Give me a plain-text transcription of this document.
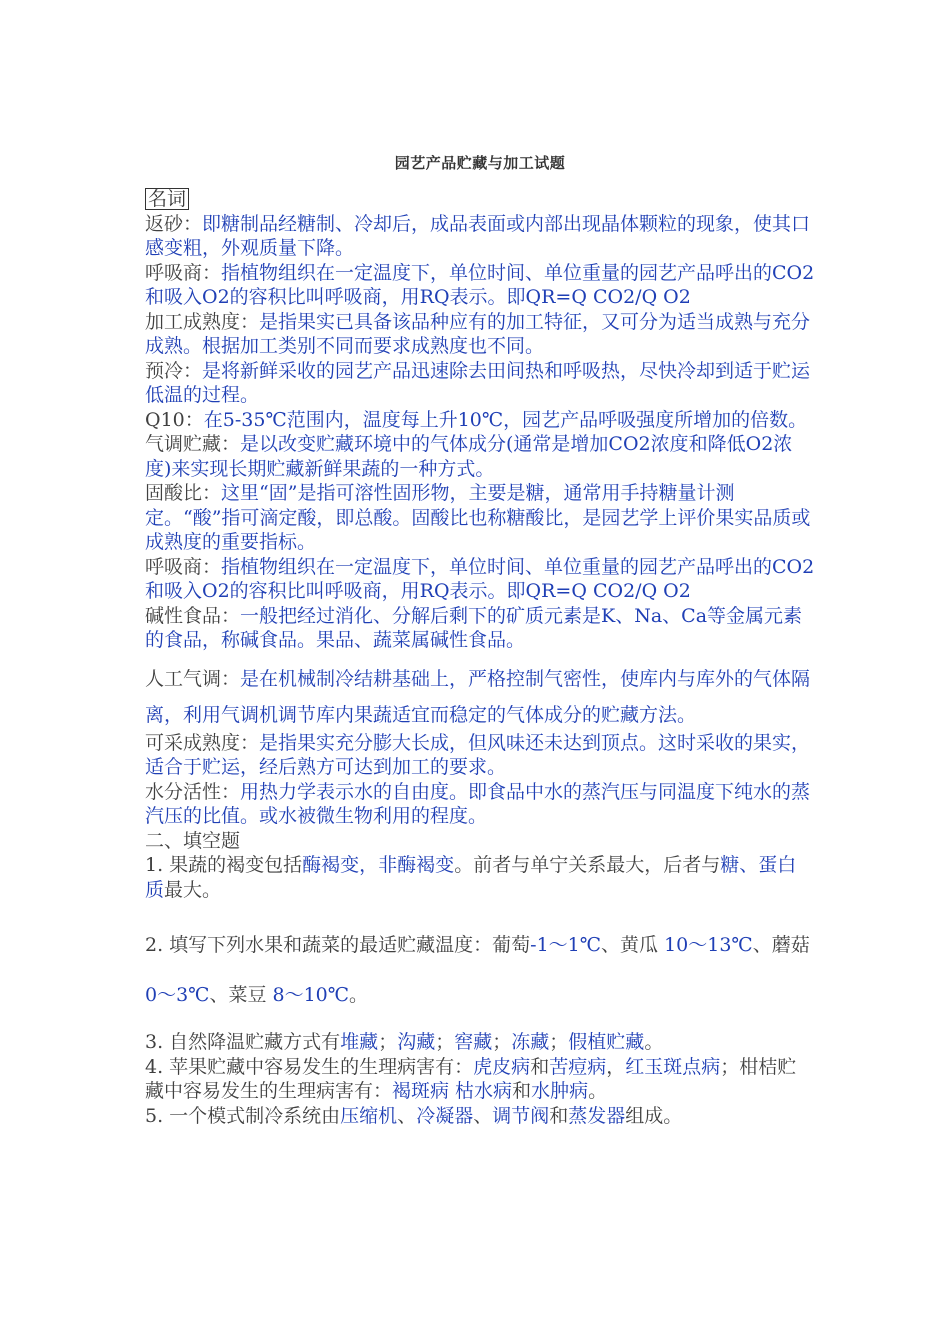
园艺产品贮藏与加工试题
名词

返砂：即糖制品经糖制、冷却后，成品表面或内部出现晶体颗粒的现象，使其口感变粗，外观质量下降。

呼吸商：指植物组织在一定温度下，单位时间、单位重量的园艺产品呼出的CO2和吸入O2的容积比叫呼吸商，用RQ表示。即QR=Q CO2/Q O2

加工成熟度：是指果实已具备该品种应有的加工特征，又可分为适当成熟与充分成熟。根据加工类别不同而要求成熟度也不同。

预冷：是将新鲜采收的园艺产品迅速除去田间热和呼吸热，尽快冷却到适于贮运低温的过程。

Q10：在5-35℃范围内，温度每上升10℃，园艺产品呼吸强度所增加的倍数。

气调贮藏：是以改变贮藏环境中的气体成分(通常是增加CO2浓度和降低O2浓度)来实现长期贮藏新鲜果蔬的一种方式。

固酸比：这里“固”是指可溶性固形物，主要是糖，通常用手持糖量计测定。“酸”指可滴定酸，即总酸。固酸比也称糖酸比，是园艺学上评价果实品质或成熟度的重要指标。

呼吸商：指植物组织在一定温度下，单位时间、单位重量的园艺产品呼出的CO2和吸入O2的容积比叫呼吸商，用RQ表示。即QR=Q CO2/Q O2

碱性食品：一般把经过消化、分解后剩下的矿质元素是K、Na、Ca等金属元素的食品，称碱食品。果品、蔬菜属碱性食品。

人工气调：是在机械制冷结耕基础上，严格控制气密性，使库内与库外的气体隔离，利用气调机调节库内果蔬适宜而稳定的气体成分的贮藏方法。

可采成熟度：是指果实充分膨大长成，但风味还未达到顶点。这时采收的果实，适合于贮运，经后熟方可达到加工的要求。

水分活性：用热力学表示水的自由度。即食品中水的蒸汽压与同温度下纯水的蒸汽压的比值。或水被微生物利用的程度。

二、填空题

1. 果蔬的褐变包括酶褐变，非酶褐变。前者与单宁关系最大，后者与糖、蛋白质最大。

2. 填写下列水果和蔬菜的最适贮藏温度：葡萄-1～1℃、黄瓜 10～13℃、蘑菇 0～3℃、菜豆 8～10℃。

3. 自然降温贮藏方式有堆藏；沟藏；窖藏；冻藏；假植贮藏。

4. 苹果贮藏中容易发生的生理病害有：虎皮病和苦痘病，红玉斑点病；柑桔贮藏中容易发生的生理病害有：褐斑病 枯水病和水肿病。

5. 一个模式制冷系统由压缩机、冷凝器、调节阀和蒸发器组成。
